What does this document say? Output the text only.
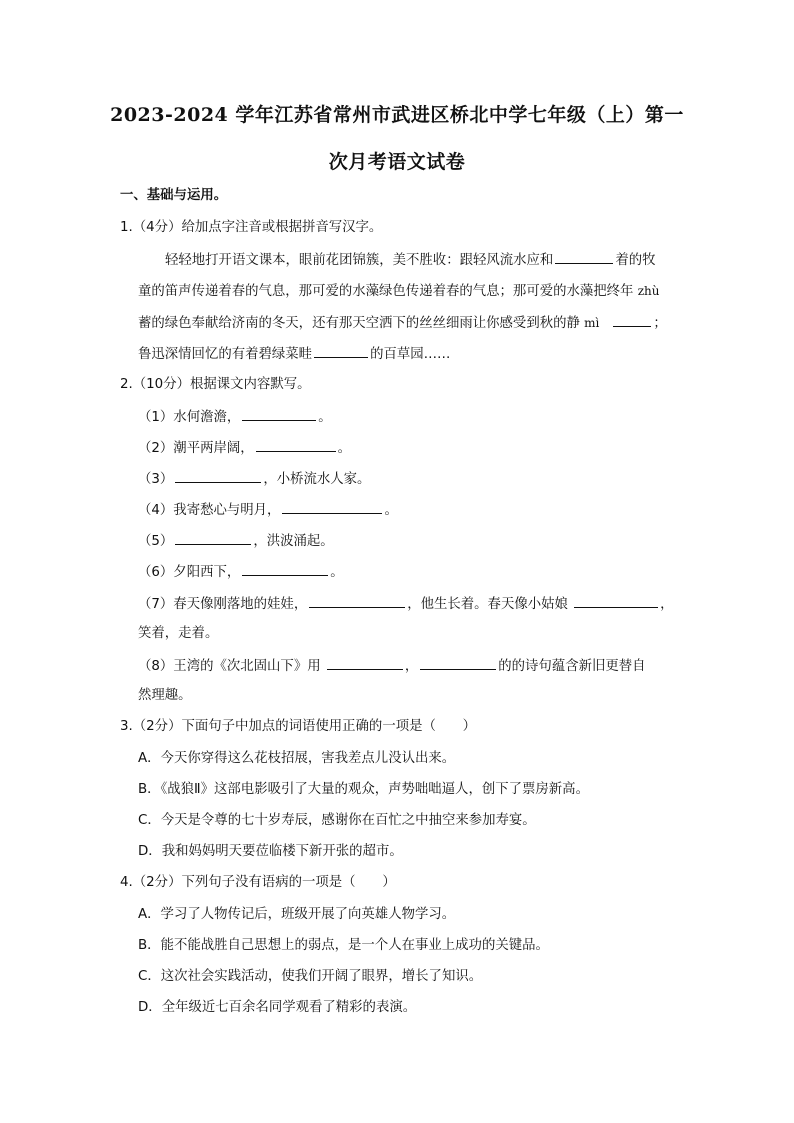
2023-2024 学年江苏省常州市武进区桥北中学七年级（上）第一
次月考语文试卷
一、基础与运用。
1.（4分）给加点字注音或根据拼音写汉字。
轻轻地打开语文课本，眼前花团锦簇，美不胜收：跟轻风流水应和	着的牧
童的笛声传递着春的气息，那可爱的水藻绿色传递着春的气息；那可爱的水藻把终年 zhù
蓄的绿色奉献给济南的冬天，还有那天空洒下的丝丝细雨让你感受到秋的静 mì	；
鲁迅深情回忆的有着碧绿菜畦	的百草园……
2.（10分）根据课文内容默写。
（1）水何澹澹，	。
（2）潮平两岸阔，	。
（3）	，小桥流水人家。
（4）我寄愁心与明月，	。
（5）	，洪波涌起。
（6）夕阳西下，	。
（7）春天像刚落地的娃娃，	，他生长着。春天像小姑娘	，
笑着，走着。
（8）王湾的《次北固山下》用	，	的的诗句蕴含新旧更替自
然理趣。
3.（2分）下面句子中加点的词语使用正确的一项是（　　）
A．今天你穿得这么花枝招展，害我差点儿没认出来。
B．《战狼Ⅱ》这部电影吸引了大量的观众，声势咄咄逼人，创下了票房新高。
C．今天是令尊的七十岁寿辰，感谢你在百忙之中抽空来参加寿宴。
D．我和妈妈明天要莅临楼下新开张的超市。
4.（2分）下列句子没有语病的一项是（　　）
A．学习了人物传记后，班级开展了向英雄人物学习。
B．能不能战胜自己思想上的弱点，是一个人在事业上成功的关键品。
C．这次社会实践活动，使我们开阔了眼界，增长了知识。
D．全年级近七百余名同学观看了精彩的表演。
